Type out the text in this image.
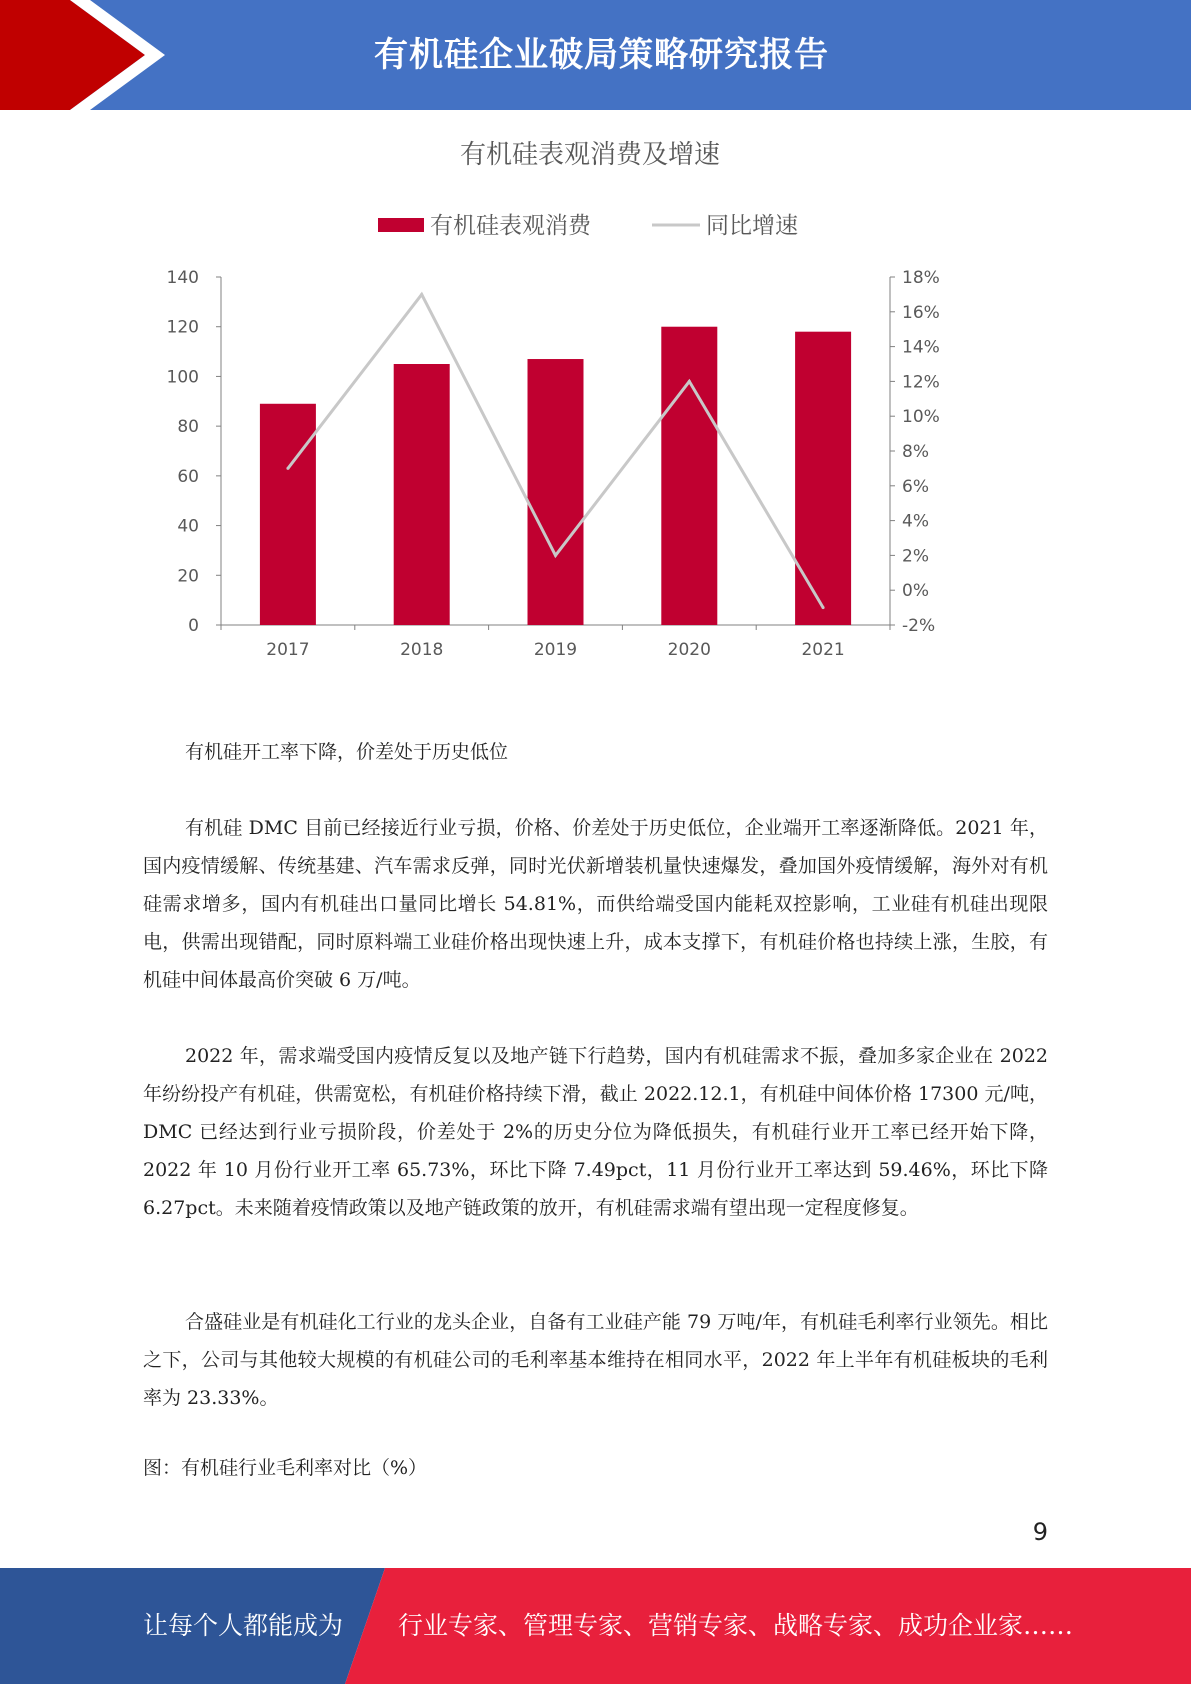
有机硅企业破局策略研究报告
有机硅表观消费及增速
有机硅表观消费	同比增速
0
20
40
60
80
100
120
140
-2%
0%
2%
4%
6%
8%
10%
12%
14%
16%
18%
2017	2018	2019	2020	2021

有机硅开工率下降，价差处于历史低位

有机硅 DMC 目前已经接近行业亏损，价格、价差处于历史低位，企业端开工率逐渐降低。2021 年，国内疫情缓解、传统基建、汽车需求反弹，同时光伏新增装机量快速爆发，叠加国外疫情缓解，海外对有机硅需求增多，国内有机硅出口量同比增长 54.81%，而供给端受国内能耗双控影响，工业硅有机硅出现限电，供需出现错配，同时原料端工业硅价格出现快速上升，成本支撑下，有机硅价格也持续上涨，生胶，有机硅中间体最高价突破 6 万/吨。

2022 年，需求端受国内疫情反复以及地产链下行趋势，国内有机硅需求不振，叠加多家企业在 2022 年纷纷投产有机硅，供需宽松，有机硅价格持续下滑，截止 2022.12.1，有机硅中间体价格 17300 元/吨，DMC 已经达到行业亏损阶段，价差处于 2%的历史分位为降低损失，有机硅行业开工率已经开始下降，2022 年 10 月份行业开工率 65.73%，环比下降 7.49pct，11 月份行业开工率达到 59.46%，环比下降 6.27pct。未来随着疫情政策以及地产链政策的放开，有机硅需求端有望出现一定程度修复。

合盛硅业是有机硅化工行业的龙头企业，自备有工业硅产能 79 万吨/年，有机硅毛利率行业领先。相比之下，公司与其他较大规模的有机硅公司的毛利率基本维持在相同水平，2022 年上半年有机硅板块的毛利率为 23.33%。

图：有机硅行业毛利率对比（%）

9
让每个人都能成为 行业专家、管理专家、营销专家、战略专家、成功企业家……
